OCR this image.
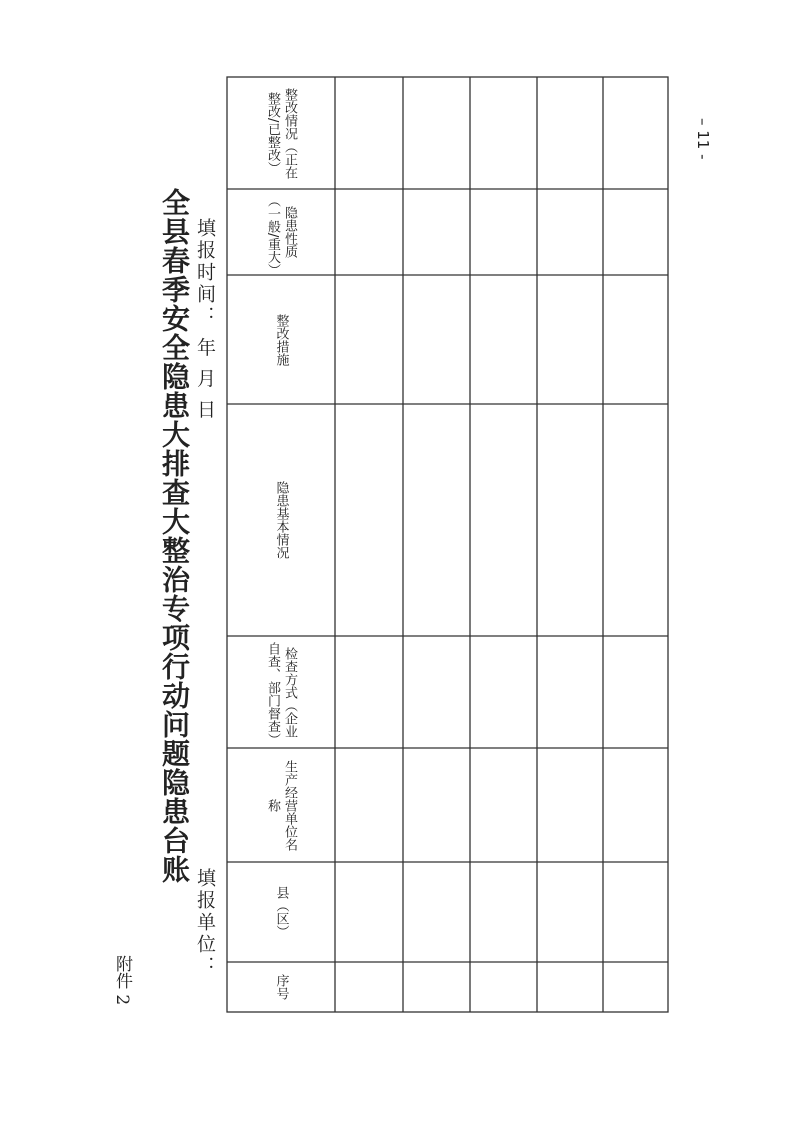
附件 2
全县春季安全隐患大排查大整治专项行动问题隐患台账
填报单位：
填报时间： 年 月 日
– 11 -
序号
县（区）
生产经营单位名称
检查方式（企业自查、部门督查）
隐患基本情况
整改措施
隐患性质（一般/重大）
整改情况（正在整改/已整改）
